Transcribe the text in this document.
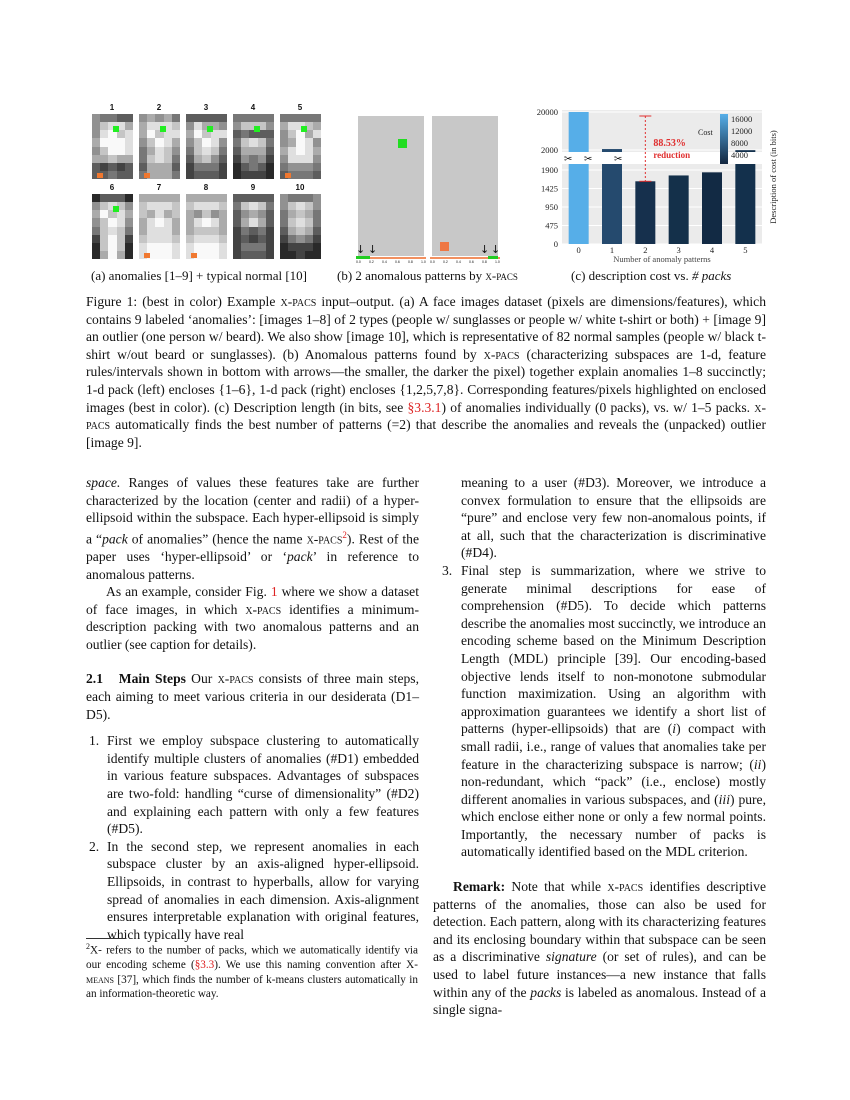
1	2	3	4	5
6	7	8	9	10
↓ ↓	↓ ↓
0.0 0.2 0.4 0.6 0.8 1.0 0.0 0.2 0.4 0.6 0.8 1.0
20000
2000
1900
1425
950
475
0
0	1	2	3	4	5
✂ ✂ ✂
88.53%
reduction
Cost
16000
12000
8000
4000
Number of anomaly patterns
Description of cost (in bits)
(a) anomalies [1–9] + typical normal [10] (b) 2 anomalous patterns by x-pacs	(c) description cost vs. # packs
Figure 1: (best in color) Example x-pacs input–output. (a) A face images dataset (pixels are dimensions/features), which contains 9 labeled ‘anomalies’: [images 1–8] of 2 types (people w/ sunglasses or people w/ white t-shirt or both) + [image 9] an outlier (one person w/ beard). We also show [image 10], which is representative of 82 normal samples (people w/ black t-shirt w/out beard or sunglasses). (b) Anomalous patterns found by x-pacs (characterizing subspaces are 1-d, feature rules/intervals shown in bottom with arrows—the smaller, the darker the pixel) together explain anomalies 1–8 succinctly; 1-d pack (left) encloses {1–6}, 1-d pack (right) encloses {1,2,5,7,8}. Corresponding features/pixels highlighted on enclosed images (best in color). (c) Description length (in bits, see §3.3.1) of anomalies individually (0 packs), vs. w/ 1–5 packs. x-pacs automatically finds the best number of patterns (=2) that describe the anomalies and reveals the (unpacked) outlier [image 9].

space. Ranges of values these features take are further characterized by the location (center and radii) of a hyper-ellipsoid within the subspace. Each hyper-ellipsoid is simply a “pack of anomalies” (hence the name x-pacs$^2$). Rest of the paper uses ‘hyper-ellipsoid’ or ‘pack’ in reference to anomalous patterns.

As an example, consider Fig. 1 where we show a dataset of face images, in which x-pacs identifies a minimum-description packing with two anomalous patterns and an outlier (see caption for details).

2.1 Main Steps Our x-pacs consists of three main steps, each aiming to meet various criteria in our desiderata (D1–D5).

1. First we employ subspace clustering to automatically identify multiple clusters of anomalies (#D1) embedded in various feature subspaces. Advantages of subspaces are two-fold: handling “curse of dimensionality” (#D2) and explaining each pattern with only a few features (#D5).
2. In the second step, we represent anomalies in each subspace cluster by an axis-aligned hyper-ellipsoid. Ellipsoids, in contrast to hyperballs, allow for varying spread of anomalies in each dimension. Axis-alignment ensures interpretable explanation with original features, which typically have real
$^2$X- refers to the number of packs, which we automatically identify via our encoding scheme (§3.3). We use this naming convention after X-means [37], which finds the number of k-means clusters automatically in an information-theoretic way.

meaning to a user (#D3). Moreover, we introduce a convex formulation to ensure that the ellipsoids are “pure” and enclose very few non-anomalous points, if at all, such that the characterization is discriminative (#D4).

3. Final step is summarization, where we strive to generate minimal descriptions for ease of comprehension (#D5). To decide which patterns describe the anomalies most succinctly, we introduce an encoding scheme based on the Minimum Description Length (MDL) principle [39]. Our encoding-based objective lends itself to non-monotone submodular function maximization. Using an algorithm with approximation guarantees we identify a short list of patterns (hyper-ellipsoids) that are (i) compact with small radii, i.e., range of values that anomalies take per feature in the characterizing subspace is narrow; (ii) non-redundant, which “pack” (i.e., enclose) mostly different anomalies in various subspaces, and (iii) pure, which enclose either none or only a few normal points. Importantly, the necessary number of packs is automatically identified based on the MDL criterion.

Remark: Note that while x-pacs identifies descriptive patterns of the anomalies, those can also be used for detection. Each pattern, along with its characterizing features and its enclosing boundary within that subspace can be seen as a discriminative signature (or set of rules), and can be used to label future instances—a new instance that falls within any of the packs is labeled as anomalous. Instead of a single signa-
